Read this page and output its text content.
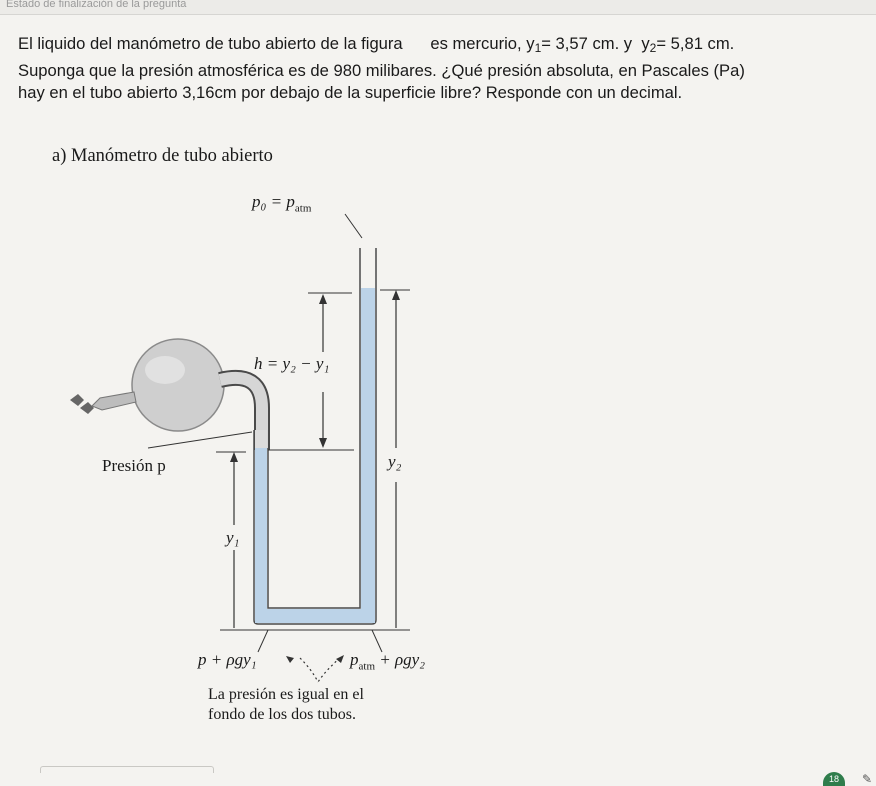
Estado de finalización de la pregunta

El liquido del manómetro de tubo abierto de la figura es mercurio, $y_1= 3,57$ cm. y $y_2= 5,81$ cm.

Suponga que la presión atmosférica es de 980 milibares. ¿Qué presión absoluta, en Pascales (Pa)

hay en el tubo abierto 3,16cm por debajo de la superficie libre? Responde con un decimal.

a) Manómetro de tubo abierto
$p_0 = p_{atm}$
h = y₂ − y₁
Presión p	y₂
y₁
p + ρgy₁	$p_{atm} + \rho gy_2$
La presión es igual en el
fondo de los dos tubos.
18	✎
